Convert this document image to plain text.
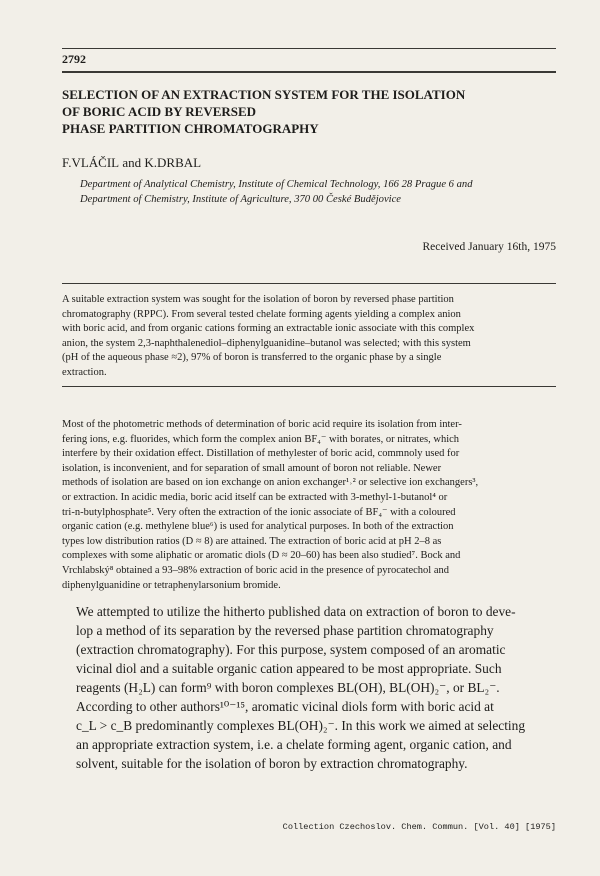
2792
SELECTION OF AN EXTRACTION SYSTEM FOR THE ISOLATION
OF BORIC ACID BY REVERSED
PHASE PARTITION CHROMATOGRAPHY
F.VLÁČIL and K.DRBAL
Department of Analytical Chemistry, Institute of Chemical Technology, 166 28 Prague 6 and
Department of Chemistry, Institute of Agriculture, 370 00 České Budějovice
Received January 16th, 1975
A suitable extraction system was sought for the isolation of boron by reversed phase partition
chromatography (RPPC). From several tested chelate forming agents yielding a complex anion
with boric acid, and from organic cations forming an extractable ionic associate with this complex
anion, the system 2,3-naphthalenediol–diphenylguanidine–butanol was selected; with this system
(pH of the aqueous phase ≈2), 97% of boron is transferred to the organic phase by a single
extraction.
Most of the photometric methods of determination of boric acid require its isolation from inter-
fering ions, e.g. fluorides, which form the complex anion BF₄⁻ with borates, or nitrates, which
interfere by their oxidation effect. Distillation of methylester of boric acid, commnoly used for
isolation, is inconvenient, and for separation of small amount of boron not reliable. Newer
methods of isolation are based on ion exchange on anion exchanger¹˒² or selective ion exchangers³,
or extraction. In acidic media, boric acid itself can be extracted with 3-methyl-1-butanol⁴ or
tri-n-butylphosphate⁵. Very often the extraction of the ionic associate of BF₄⁻ with a coloured
organic cation (e.g. methylene blue⁶) is used for analytical purposes. In both of the extraction
types low distribution ratios (D ≈ 8) are attained. The extraction of boric acid at pH 2–8 as
complexes with some aliphatic or aromatic diols (D ≈ 20–60) has been also studied⁷. Bock and
Vrchlabský⁸ obtained a 93–98% extraction of boric acid in the presence of pyrocatechol and
diphenylguanidine or tetraphenylarsonium bromide.
We attempted to utilize the hitherto published data on extraction of boron to deve-
lop a method of its separation by the reversed phase partition chromatography
(extraction chromatography). For this purpose, system composed of an aromatic
vicinal diol and a suitable organic cation appeared to be most appropriate. Such
reagents (H₂L) can form⁹ with boron complexes BL(OH), BL(OH)₂⁻, or BL₂⁻.
According to other authors¹⁰⁻¹⁵, aromatic vicinal diols form with boric acid at
c_L > c_B predominantly complexes BL(OH)₂⁻. In this work we aimed at selecting
an appropriate extraction system, i.e. a chelate forming agent, organic cation, and
solvent, suitable for the isolation of boron by extraction chromatography.
Collection Czechoslov. Chem. Commun. [Vol. 40] [1975]
